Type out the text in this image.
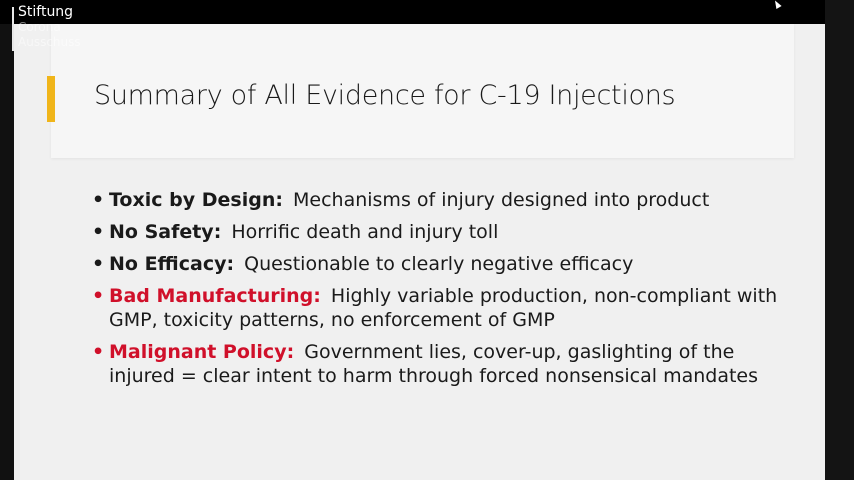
Summary of All Evidence for C-19 Injections
• Toxic by Design: Mechanisms of injury designed into product
• No Safety: Horrific death and injury toll
• No Efficacy: Questionable to clearly negative efficacy
• Bad Manufacturing: Highly variable production, non-compliant with GMP, toxicity patterns, no enforcement of GMP
• Malignant Policy: Government lies, cover-up, gaslighting of the injured = clear intent to harm through forced nonsensical mandates
Stiftung
Corona
Ausschuss
